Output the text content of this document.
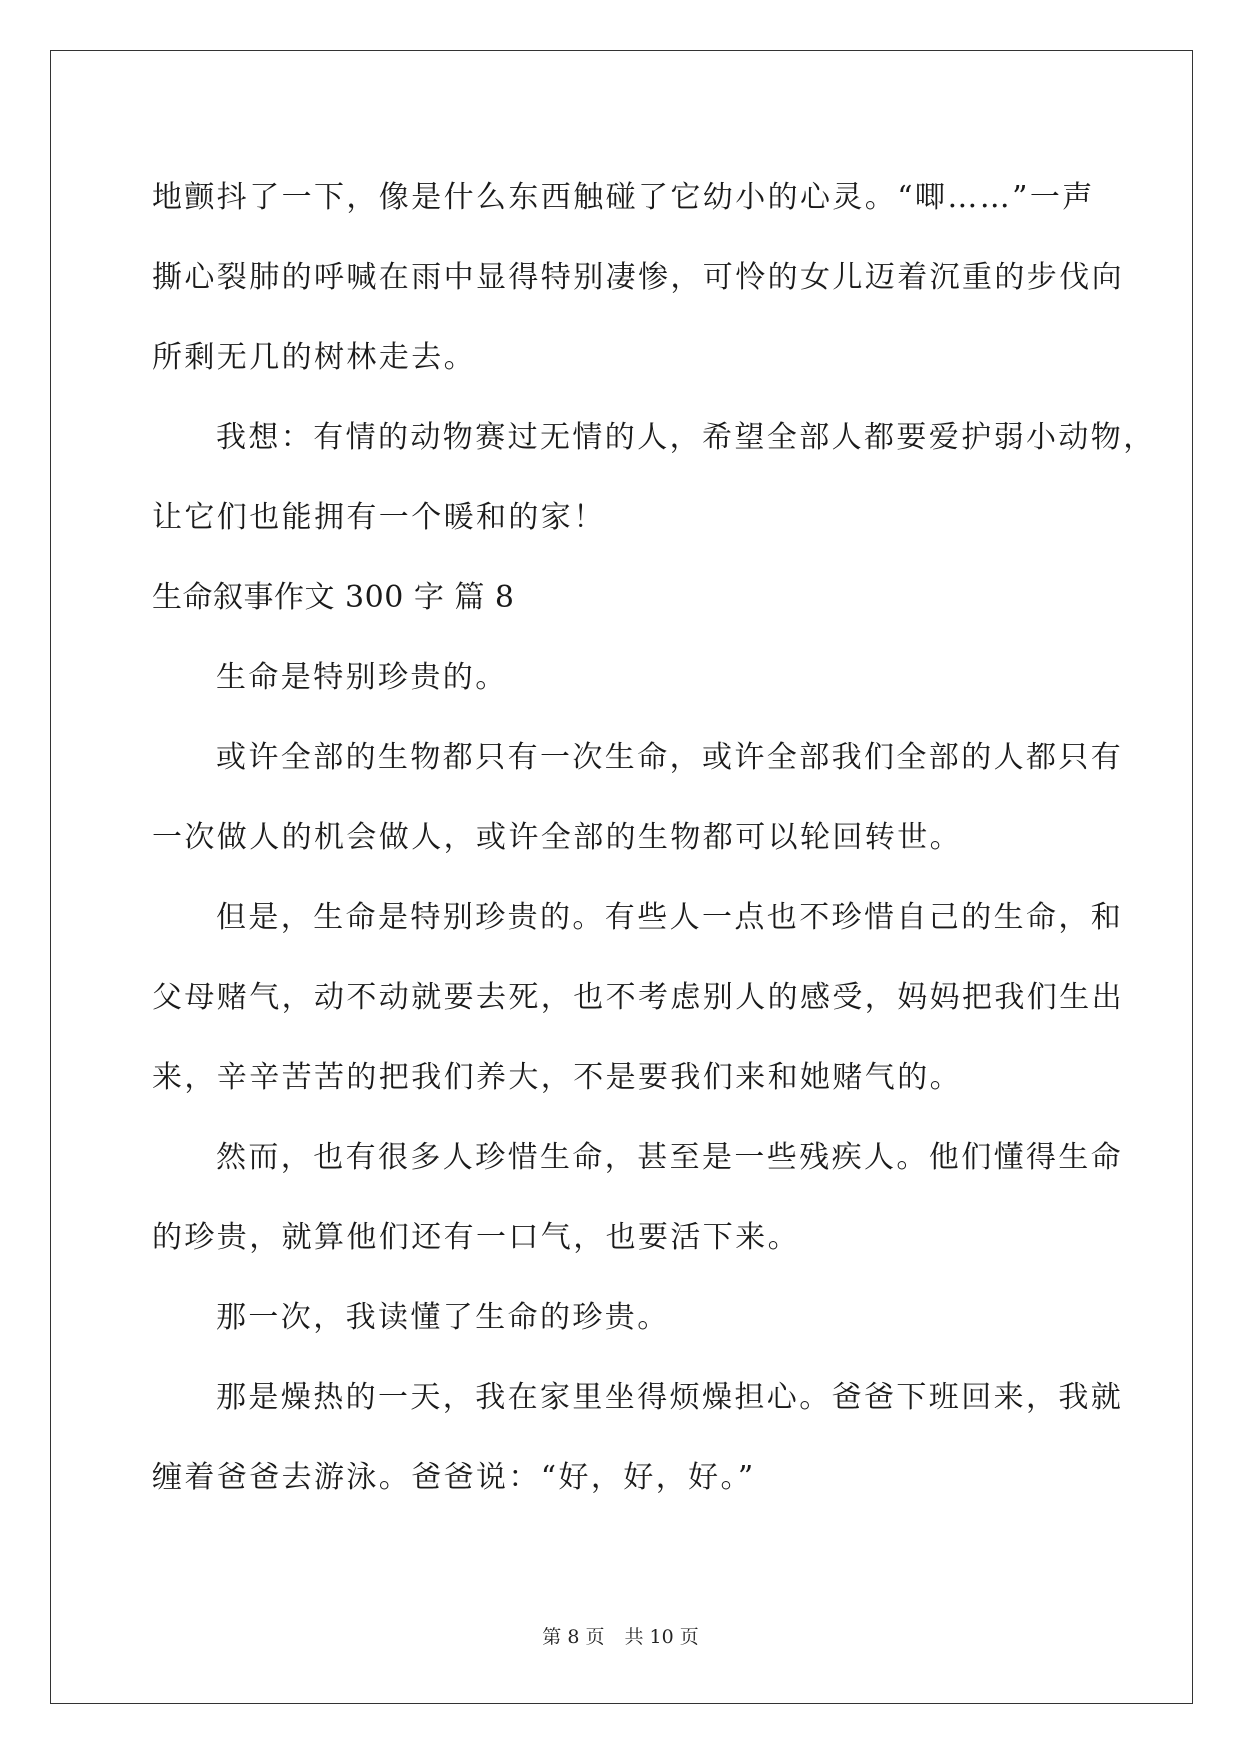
地颤抖了一下，像是什么东西触碰了它幼小的心灵。“唧……”一声
撕心裂肺的呼喊在雨中显得特别凄惨，可怜的女儿迈着沉重的步伐向
所剩无几的树林走去。
我想：有情的动物赛过无情的人，希望全部人都要爱护弱小动物，
让它们也能拥有一个暖和的家！
生命叙事作文 300 字 篇 8
生命是特别珍贵的。
或许全部的生物都只有一次生命，或许全部我们全部的人都只有
一次做人的机会做人，或许全部的生物都可以轮回转世。
但是，生命是特别珍贵的。有些人一点也不珍惜自己的生命，和
父母赌气，动不动就要去死，也不考虑别人的感受，妈妈把我们生出
来，辛辛苦苦的把我们养大，不是要我们来和她赌气的。
然而，也有很多人珍惜生命，甚至是一些残疾人。他们懂得生命
的珍贵，就算他们还有一口气，也要活下来。
那一次，我读懂了生命的珍贵。
那是燥热的一天，我在家里坐得烦燥担心。爸爸下班回来，我就
缠着爸爸去游泳。爸爸说：“好，好，好。”
第 8 页 共 10 页
